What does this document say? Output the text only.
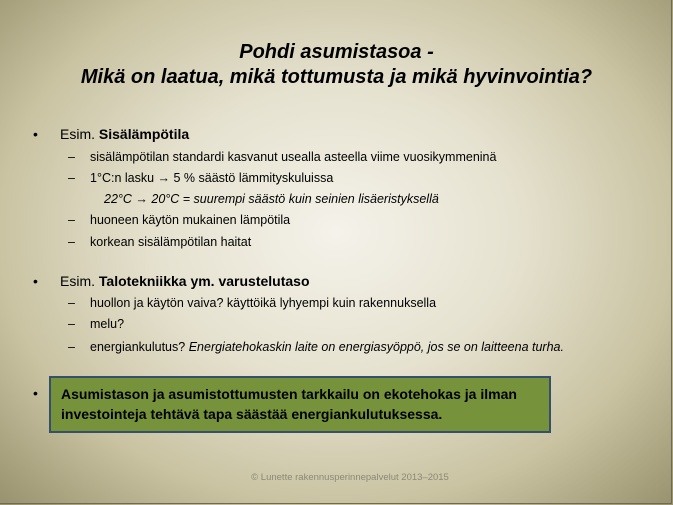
Pohdi asumistasoa -
Mikä on laatua, mikä tottumusta ja mikä hyvinvointia?
• Esim. Sisälämpötila
– sisälämpötilan standardi kasvanut usealla asteella viime vuosikymmeninä
– 1°C:n lasku → 5 % säästö lämmityskuluissa
22°C → 20°C = suurempi säästö kuin seinien lisäeristyksellä
– huoneen käytön mukainen lämpötila
– korkean sisälämpötilan haitat
• Esim. Talotekniikka ym. varustelutaso
– huollon ja käytön vaiva? käyttöikä lyhyempi kuin rakennuksella
– melu?
– energiankulutus? Energiatehokaskin laite on energiasyöppö, jos se on laitteena turha.
• Asumistason ja asumistottumusten tarkkailu on ekotehokas ja ilman
investointeja tehtävä tapa säästää energiankulutuksessa.
© Lunette rakennusperinnepalvelut 2013–2015
